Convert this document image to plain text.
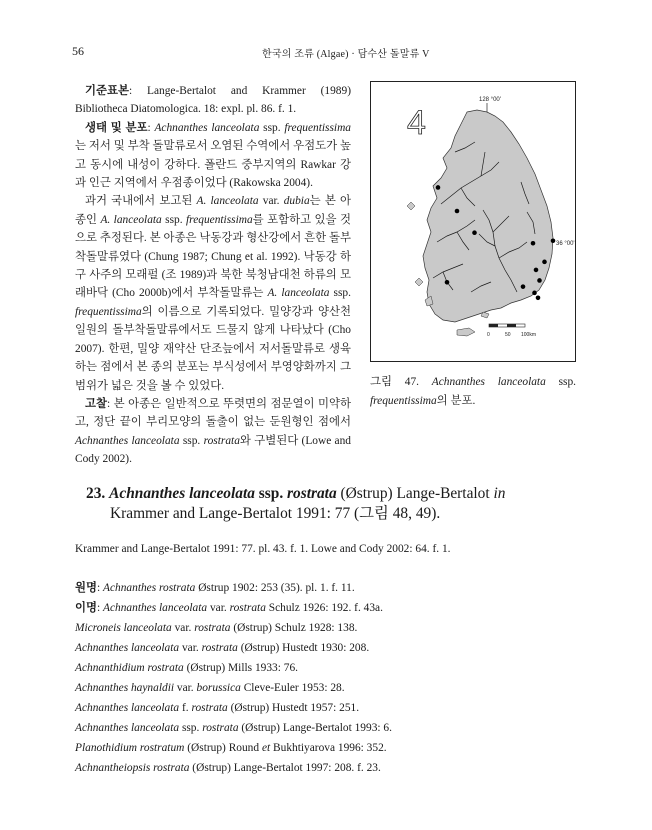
56	한국의 조류 (Algae) · 담수산 돌말류 V

기준표본: Lange-Bertalot and Krammer (1989) Bibliotheca Diatomologica. 18: expl. pl. 86. f. 1.

생태 및 분포: Achnanthes lanceolata ssp. frequentissima는 저서 및 부착 돌말류로서 오염된 수역에서 우점도가 높고 동시에 내성이 강하다. 폴란드 중부지역의 Rawkar 강과 인근 지역에서 우점종이었다 (Rakowska 2004).

과거 국내에서 보고된 A. lanceolata var. dubia는 본 아종인 A. lanceolata ssp. frequentissima를 포함하고 있을 것으로 추정된다. 본 아종은 낙동강과 형산강에서 흔한 돌부착돌말류였다 (Chung 1987; Chung et al. 1992). 낙동강 하구 사주의 모래펄 (조 1989)과 북한 북청남대천 하류의 모래바닥 (Cho 2000b)에서 부착돌말류는 A. lanceolata ssp. frequentissima의 이름으로 기록되었다. 밀양강과 양산천 일원의 돌부착돌말류에서도 드물지 않게 나타났다 (Cho 2007). 한편, 밀양 재약산 단조늪에서 저서돌말류로 생육하는 점에서 본 종의 분포는 부식성에서 부영양화까지 그 범위가 넓은 것을 볼 수 있었다.

고찰: 본 아종은 일반적으로 뚜렷면의 점문열이 미약하고, 정단 끝이 부리모양의 돌출이 없는 둔원형인 점에서 Achnanthes lanceolata ssp. rostrata와 구별된다 (Lowe and Cody 2002).

4
128 °00'
36 °00'
0	50 100km
그림 47. Achnanthes lanceolata ssp. frequentissima의 분포.
23. Achnanthes lanceolata ssp. rostrata (Østrup) Lange-Bertalot in
Krammer and Lange-Bertalot 1991: 77 (그림 48, 49).
Krammer and Lange-Bertalot 1991: 77. pl. 43. f. 1. Lowe and Cody 2002: 64. f. 1.
원명: Achnanthes rostrata Østrup 1902: 253 (35). pl. 1. f. 11.
이명: Achnanthes lanceolata var. rostrata Schulz 1926: 192. f. 43a.
Microneis lanceolata var. rostrata (Østrup) Schulz 1928: 138.
Achnanthes lanceolata var. rostrata (Østrup) Hustedt 1930: 208.
Achnanthidium rostrata (Østrup) Mills 1933: 76.
Achnanthes haynaldii var. borussica Cleve-Euler 1953: 28.
Achnanthes lanceolata f. rostrata (Østrup) Hustedt 1957: 251.
Achnanthes lanceolata ssp. rostrata (Østrup) Lange-Bertalot 1993: 6.
Planothidium rostratum (Østrup) Round et Bukhtiyarova 1996: 352.
Achnantheiopsis rostrata (Østrup) Lange-Bertalot 1997: 208. f. 23.
